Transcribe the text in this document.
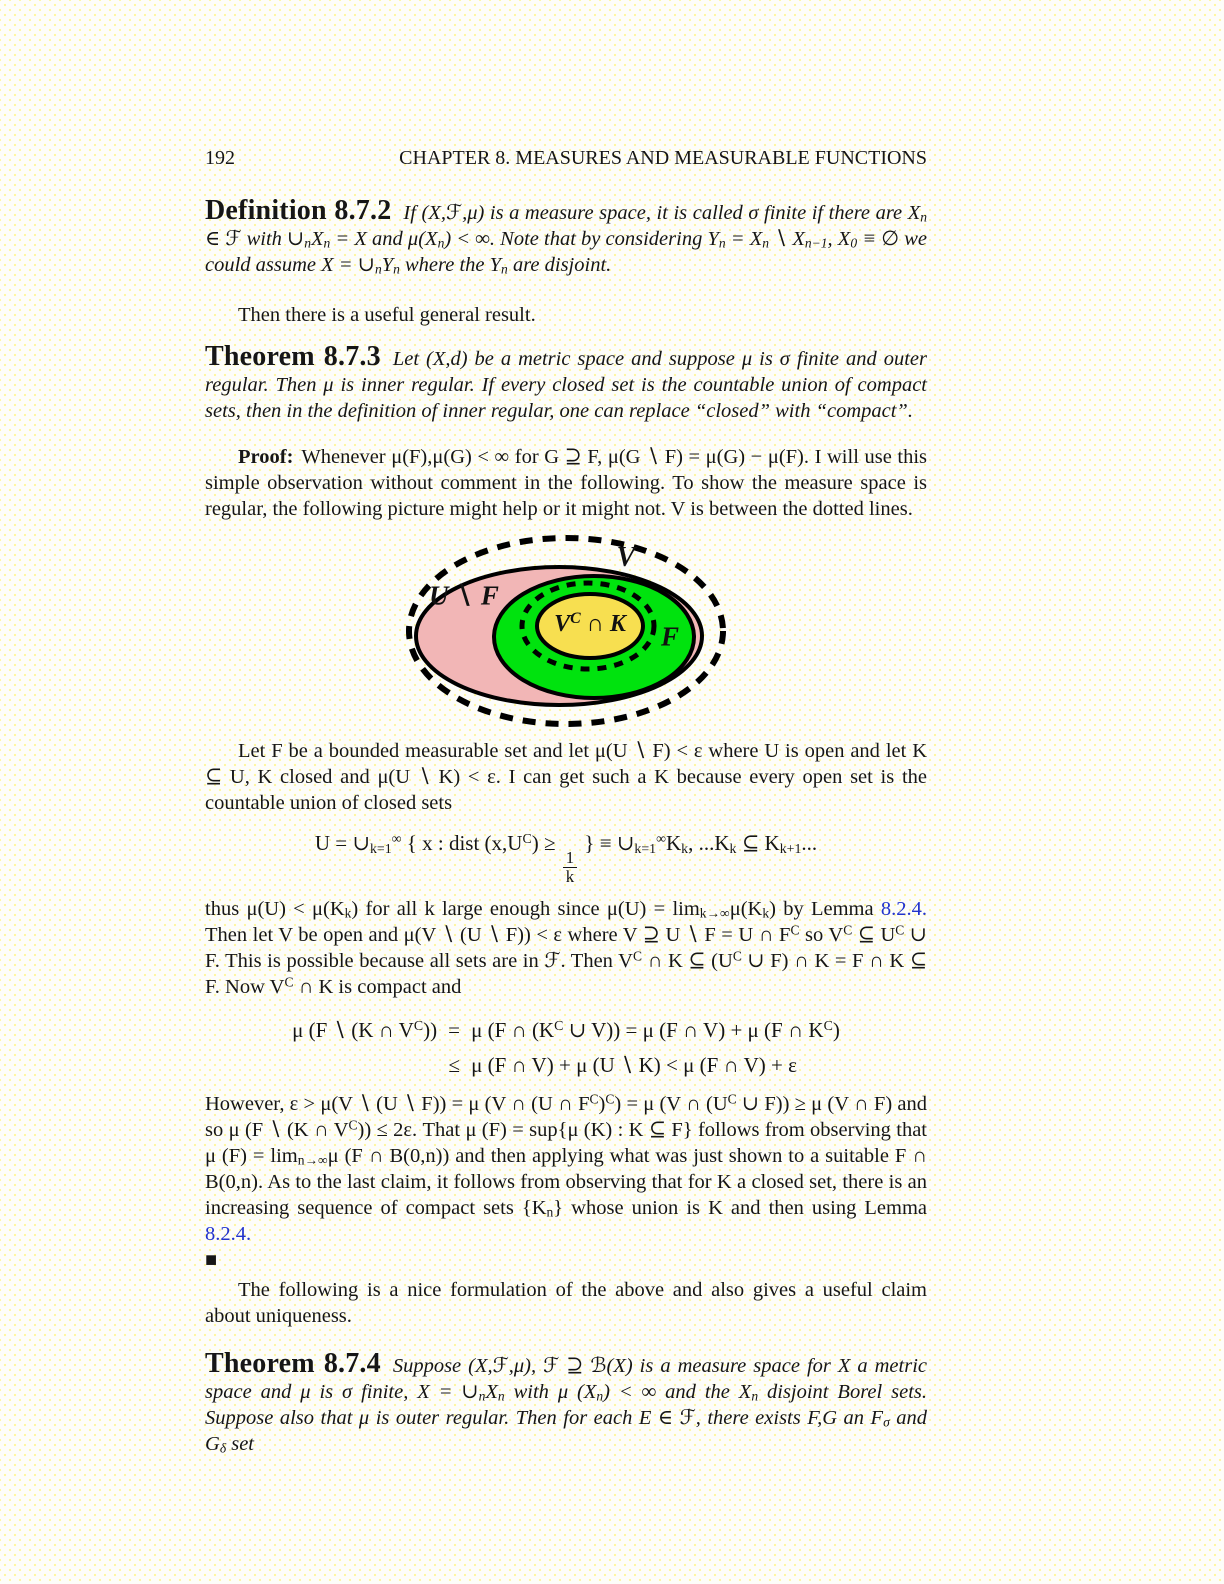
192	CHAPTER 8. MEASURES AND MEASURABLE FUNCTIONS

Definition 8.7.2 If (X,ℱ,μ) is a measure space, it is called σ finite if there are $X_n$ ∈ ℱ with $\cup_nX_n = X$ and $\mu(X_n)$ < ∞. Note that by considering $Y_n = X_n$ ∖ $X_{n-1}$, $X_0$ ≡ ∅ we could assume $X = \cup_nY_n$ where the $Y_n$ are disjoint.

Then there is a useful general result.

Theorem 8.7.3 Let (X,d) be a metric space and suppose μ is σ finite and outer regular. Then μ is inner regular. If every closed set is the countable union of compact sets, then in the definition of inner regular, one can replace “closed” with “compact”.

Proof: Whenever μ(F),μ(G) < ∞ for G ⊇ F, μ(G ∖ F) = μ(G) − μ(F). I will use this simple observation without comment in the following. To show the measure space is regular, the following picture might help or it might not. V is between the dotted lines.

V
U ∖ F
$V^C$ ∩ K F

Let F be a bounded measurable set and let μ(U ∖ F) < ε where U is open and let K ⊆ U, K closed and μ(U ∖ K) < ε. I can get such a K because every open set is the countable union of closed sets

$U = \cup_{k=1}^\infty$ { x : dist $(x,U^C)$ ≥
$\frac{1}{k}$
} ≡ $\cup_{k=1}^\infty K_k$, $...K_k$ ⊆ $K_{k+1}$...

thus $\mu(U) < \mu(K_k)$ for all k large enough since $\mu(U) = \lim_{k\to\infty}\mu(K_k)$ by Lemma 8.2.4. Then let V be open and μ(V ∖ (U ∖ F)) < ε where V ⊇ U ∖ F = U ∩ $F^C$ so $V^C$ ⊆ $U^C$ ∪ F. This is possible because all sets are in ℱ. Then $V^C$ ∩ K ⊆ ($U^C$ ∪ F) ∩ K = F ∩ K ⊆ F. Now $V^C$ ∩ K is compact and

μ (F ∖ (K ∩ $V^C)) = \mu$ (F ∩ ($K^C$ ∪ V)) = μ (F ∩ V) + μ (F ∩ $K^C$)
≤ μ (F ∩ V) + μ (U ∖ K) < μ (F ∩ V) + ε

However, ε > μ(V ∖ (U ∖ F)) = μ (V ∩ (U ∩ $F^C)^C) = \mu$ (V ∩ ($U^C$ ∪ F)) ≥ μ (V ∩ F) and so μ (F ∖ (K ∩ $V^C)) \le 2\varepsilon$. That μ (F) = sup{μ (K) : K ⊆ F} follows from observing that μ $(F) = \lim_{n\to\infty}\mu$ (F ∩ B(0,n)) and then applying what was just shown to a suitable F ∩ B(0,n). As to the last claim, it follows from observing that for K a closed set, there is an increasing sequence of compact sets $\{K_n\}$ whose union is K and then using Lemma 8.2.4.

■

The following is a nice formulation of the above and also gives a useful claim about uniqueness.

Theorem 8.7.4 Suppose (X,ℱ,μ), ℱ ⊇ ℬ(X) is a measure space for X a metric space and μ is σ finite, $X = \cup_nX_n$ with μ $(X_n)$ < ∞ and the $X_n$ disjoint Borel sets. Suppose also that μ is outer regular. Then for each E ∈ ℱ, there exists F,G an $F_\sigma$ and $G_\delta$ set
